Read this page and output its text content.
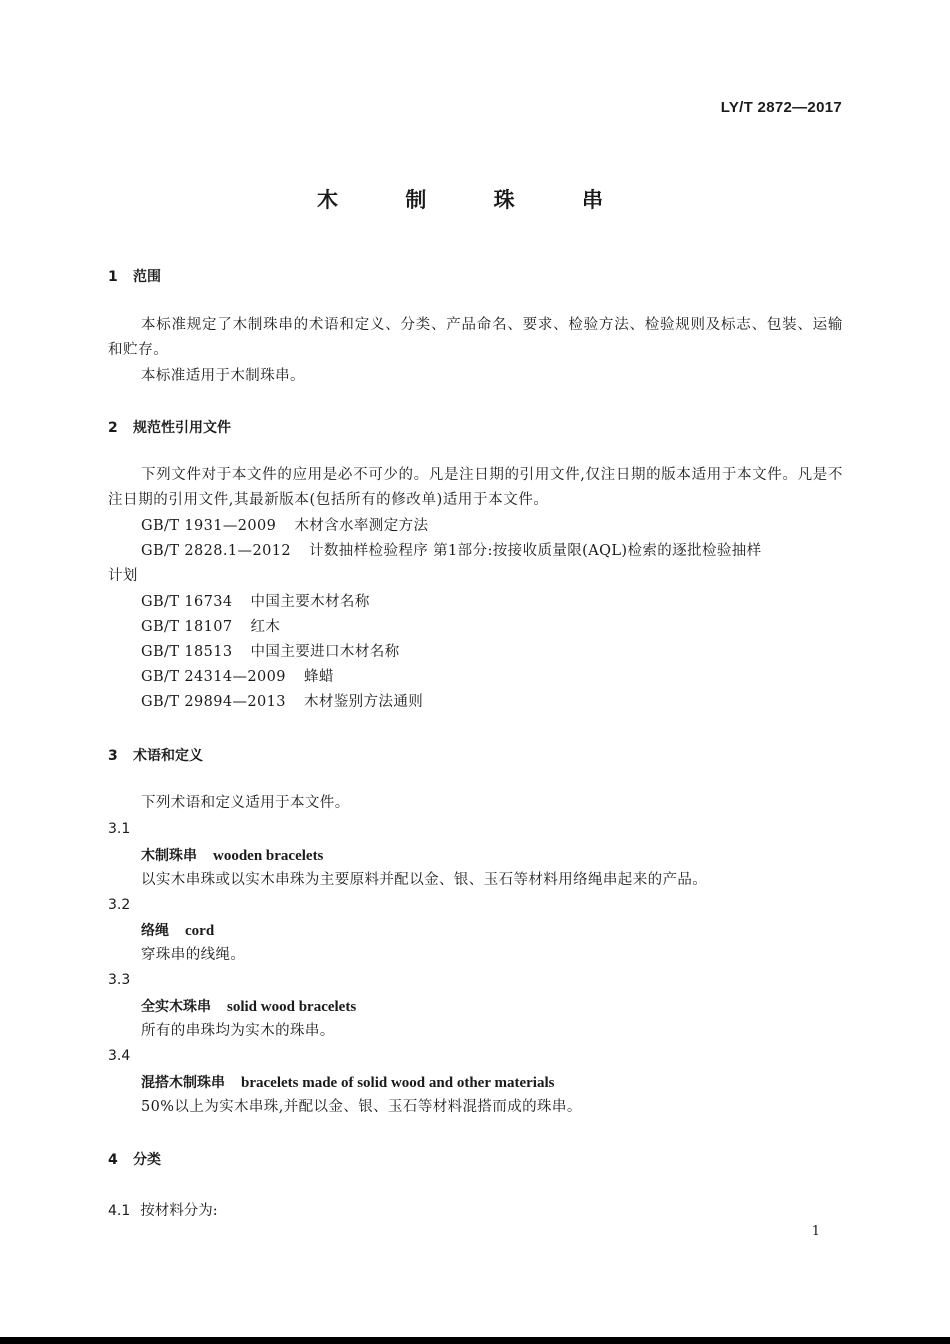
LY/T 2872—2017
木 制 珠 串
1 范围
本标准规定了木制珠串的术语和定义、分类、产品命名、要求、检验方法、检验规则及标志、包装、运输和贮存。
本标准适用于木制珠串。
2 规范性引用文件
下列文件对于本文件的应用是必不可少的。凡是注日期的引用文件,仅注日期的版本适用于本文件。凡是不注日期的引用文件,其最新版本(包括所有的修改单)适用于本文件。
GB/T 1931—2009 木材含水率测定方法
GB/T 2828.1—2012 计数抽样检验程序 第1部分:按接收质量限(AQL)检索的逐批检验抽样
计划
GB/T 16734 中国主要木材名称
GB/T 18107 红木
GB/T 18513 中国主要进口木材名称
GB/T 24314—2009 蜂蜡
GB/T 29894—2013 木材鉴别方法通则
3 术语和定义
下列术语和定义适用于本文件。
3.1
木制珠串 wooden bracelets
以实木串珠或以实木串珠为主要原料并配以金、银、玉石等材料用络绳串起来的产品。
3.2
络绳 cord
穿珠串的线绳。
3.3
全实木珠串 solid wood bracelets
所有的串珠均为实木的珠串。
3.4
混搭木制珠串 bracelets made of solid wood and other materials
50%以上为实木串珠,并配以金、银、玉石等材料混搭而成的珠串。
4 分类
4.1 按材料分为:
1
